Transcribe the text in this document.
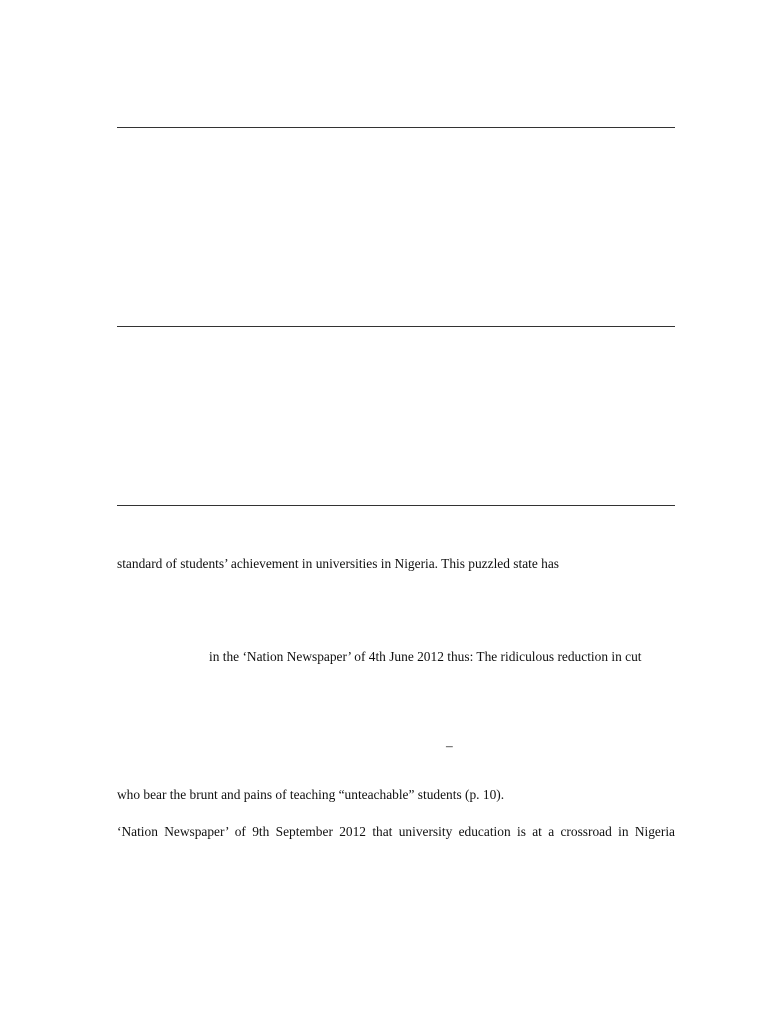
standard of students’ achievement in universities in Nigeria. This puzzled state has
in the ‘Nation Newspaper’ of 4th June 2012 thus: The ridiculous reduction in cut
–
who bear the brunt and pains of teaching “unteachable” students (p. 10).
‘Nation Newspaper’ of 9th September 2012 that university education is at a crossroad in Nigeria
